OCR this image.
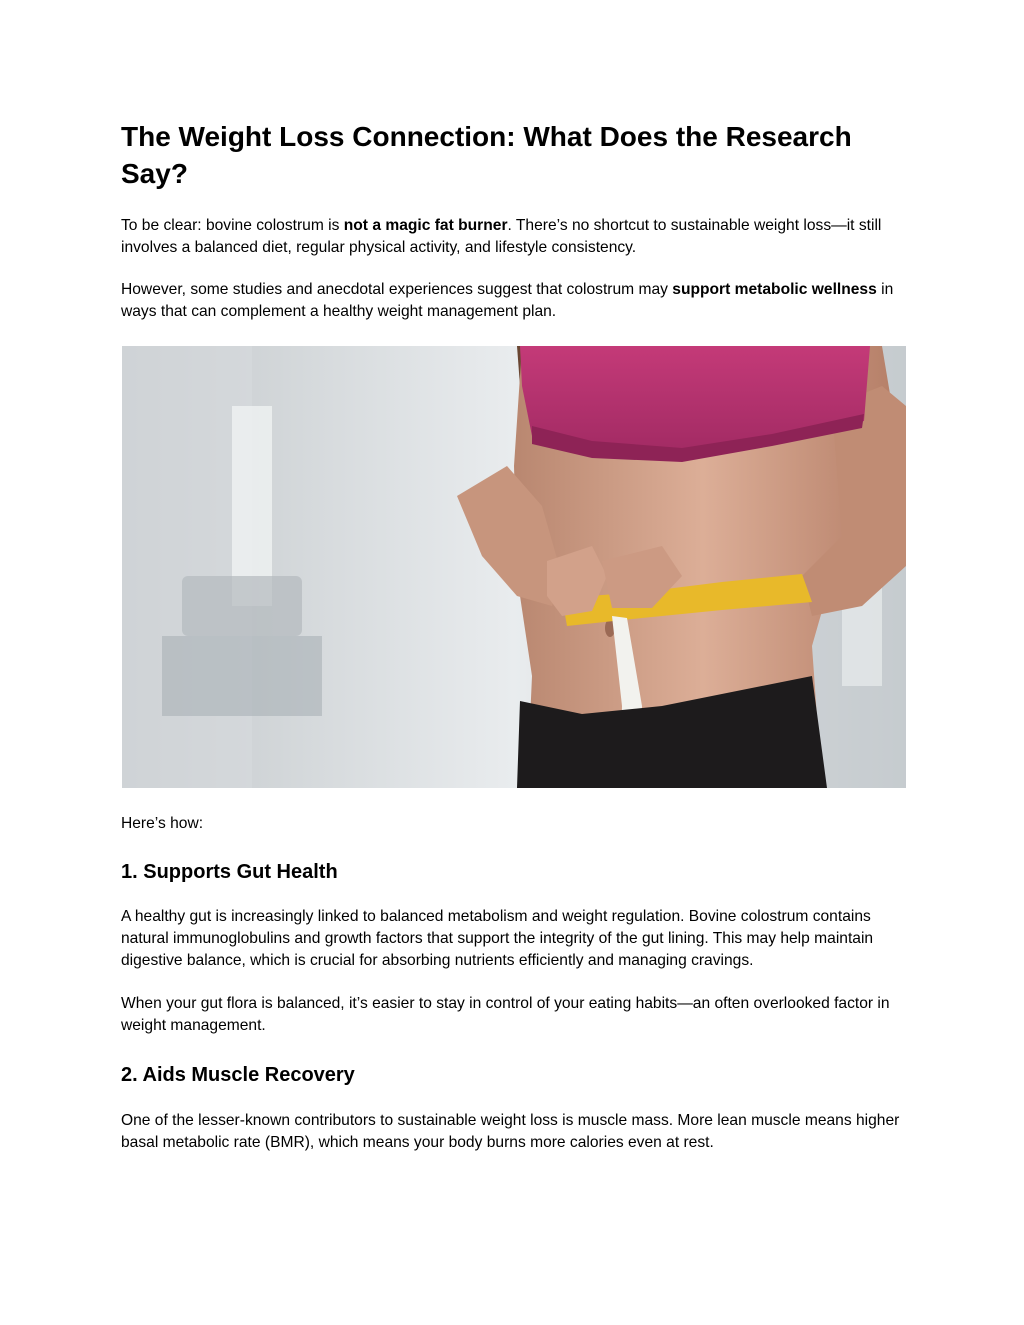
The Weight Loss Connection: What Does the Research Say?

To be clear: bovine colostrum is not a magic fat burner. There’s no shortcut to sustainable weight loss—it still involves a balanced diet, regular physical activity, and lifestyle consistency.

However, some studies and anecdotal experiences suggest that colostrum may support metabolic wellness in ways that can complement a healthy weight management plan.

Here’s how:

1. Supports Gut Health

A healthy gut is increasingly linked to balanced metabolism and weight regulation. Bovine colostrum contains natural immunoglobulins and growth factors that support the integrity of the gut lining. This may help maintain digestive balance, which is crucial for absorbing nutrients efficiently and managing cravings.

When your gut flora is balanced, it’s easier to stay in control of your eating habits—an often overlooked factor in weight management.

2. Aids Muscle Recovery

One of the lesser-known contributors to sustainable weight loss is muscle mass. More lean muscle means higher basal metabolic rate (BMR), which means your body burns more calories even at rest.
